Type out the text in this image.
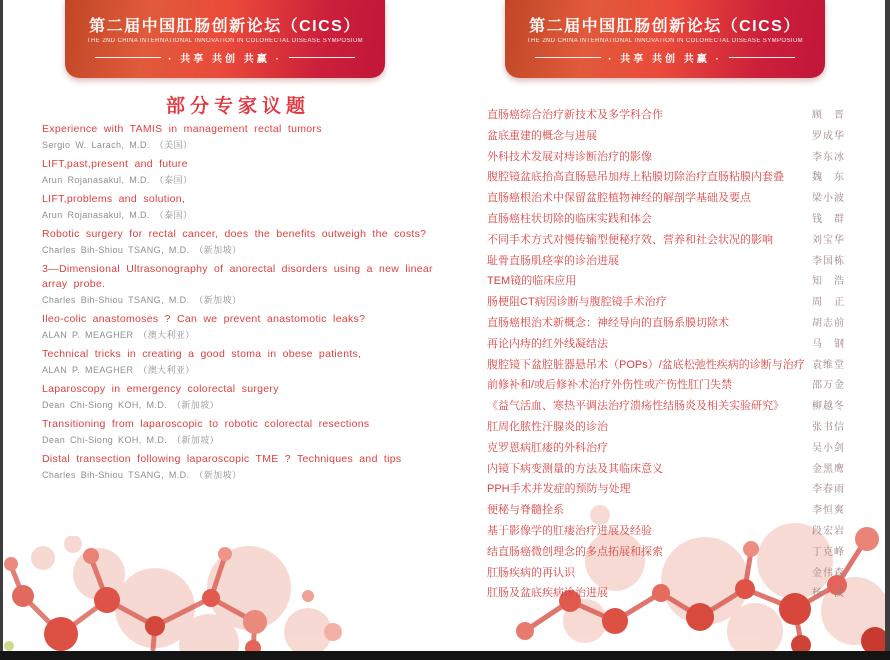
第二届中国肛肠创新论坛（CICS）
THE 2ND CHINA INTERNATIONAL INNOVATION IN COLORECTAL DISEASE SYMPOSIUM
· 共享 共创 共赢 ·
第二届中国肛肠创新论坛（CICS）
THE 2ND CHINA INTERNATIONAL INNOVATION IN COLORECTAL DISEASE SYMPOSIUM
· 共享 共创 共赢 ·
部分专家议题
Experience with TAMIS in management rectal tumors
Sergio W. Larach, M.D. （美国）
LIFT,past,present and future
Arun Rojanasakul, M.D. （泰国）
LIFT,problems and solution,
Arun Rojanasakul, M.D. （泰国）
Robotic surgery for rectal cancer, does the benefits outweigh the costs?
Charles Bih-Shiou TSANG, M.D. （新加坡）
3—Dimensional Ultrasonography of anorectal disorders using a new linear array probe.
Charles Bih-Shiou TSANG, M.D. （新加坡）
Ileo-colic anastomoses ? Can we prevent anastomotic leaks?
ALAN P. MEAGHER （澳大利亚）
Technical tricks in creating a good stoma in obese patients,
ALAN P. MEAGHER （澳大利亚）
Laparoscopy in emergency colorectal surgery
Dean Chi-Siong KOH, M.D. （新加坡）
Transitioning from laparoscopic to robotic colorectal resections
Dean Chi-Siong KOH, M.D. （新加坡）
Distal transection following laparoscopic TME ? Techniques and tips
Charles Bih-Shiou TSANG, M.D. （新加坡）
直肠癌综合治疗新技术及多学科合作	顾　晋
盆底重建的概念与进展	罗成华
外科技术发展对痔诊断治疗的影像	李东冰
腹腔镜盆底抬高直肠悬吊加痔上粘膜切除治疗直肠粘膜内套叠	魏　东
直肠癌根治术中保留盆腔植物神经的解剖学基础及要点	梁小波
直肠癌柱状切除的临床实践和体会	钱　群
不同手术方式对慢传输型便秘疗效、营养和社会状况的影响	刘宝华
耻骨直肠肌痉挛的诊治进展	李国栋
TEM镜的临床应用	知　浩
肠梗阻CT病因诊断与腹腔镜手术治疗	周　正
直肠癌根治术新概念：神经导向的直肠系膜切除术	胡志前
再论内痔的红外线凝结法	马　钢
腹腔镜下盆腔脏器悬吊术（POPs）/盆底松弛性疾病的诊断与治疗 袁维堂
前修补和/或后修补术治疗外伤性或产伤性肛门失禁	邵万金
《益气活血、寒热平调法治疗溃疡性结肠炎及相关实验研究》	柳越冬
肛周化脓性汗腺炎的诊治	张书信
克罗恩病肛瘘的外科治疗	吴小剑
内镜下病变测量的方法及其临床意义	金黑鹰
PPH手术并发症的预防与处理	李春雨
便秘与脊髓拴系	李恒爽
基于影像学的肛瘘治疗进展及经验	段宏岩
结直肠癌微创理念的多点拓展和探索	丁克峰
肛肠疾病的再认识	金伟森
肛肠及盆底疾病诊治进展	杨　波
